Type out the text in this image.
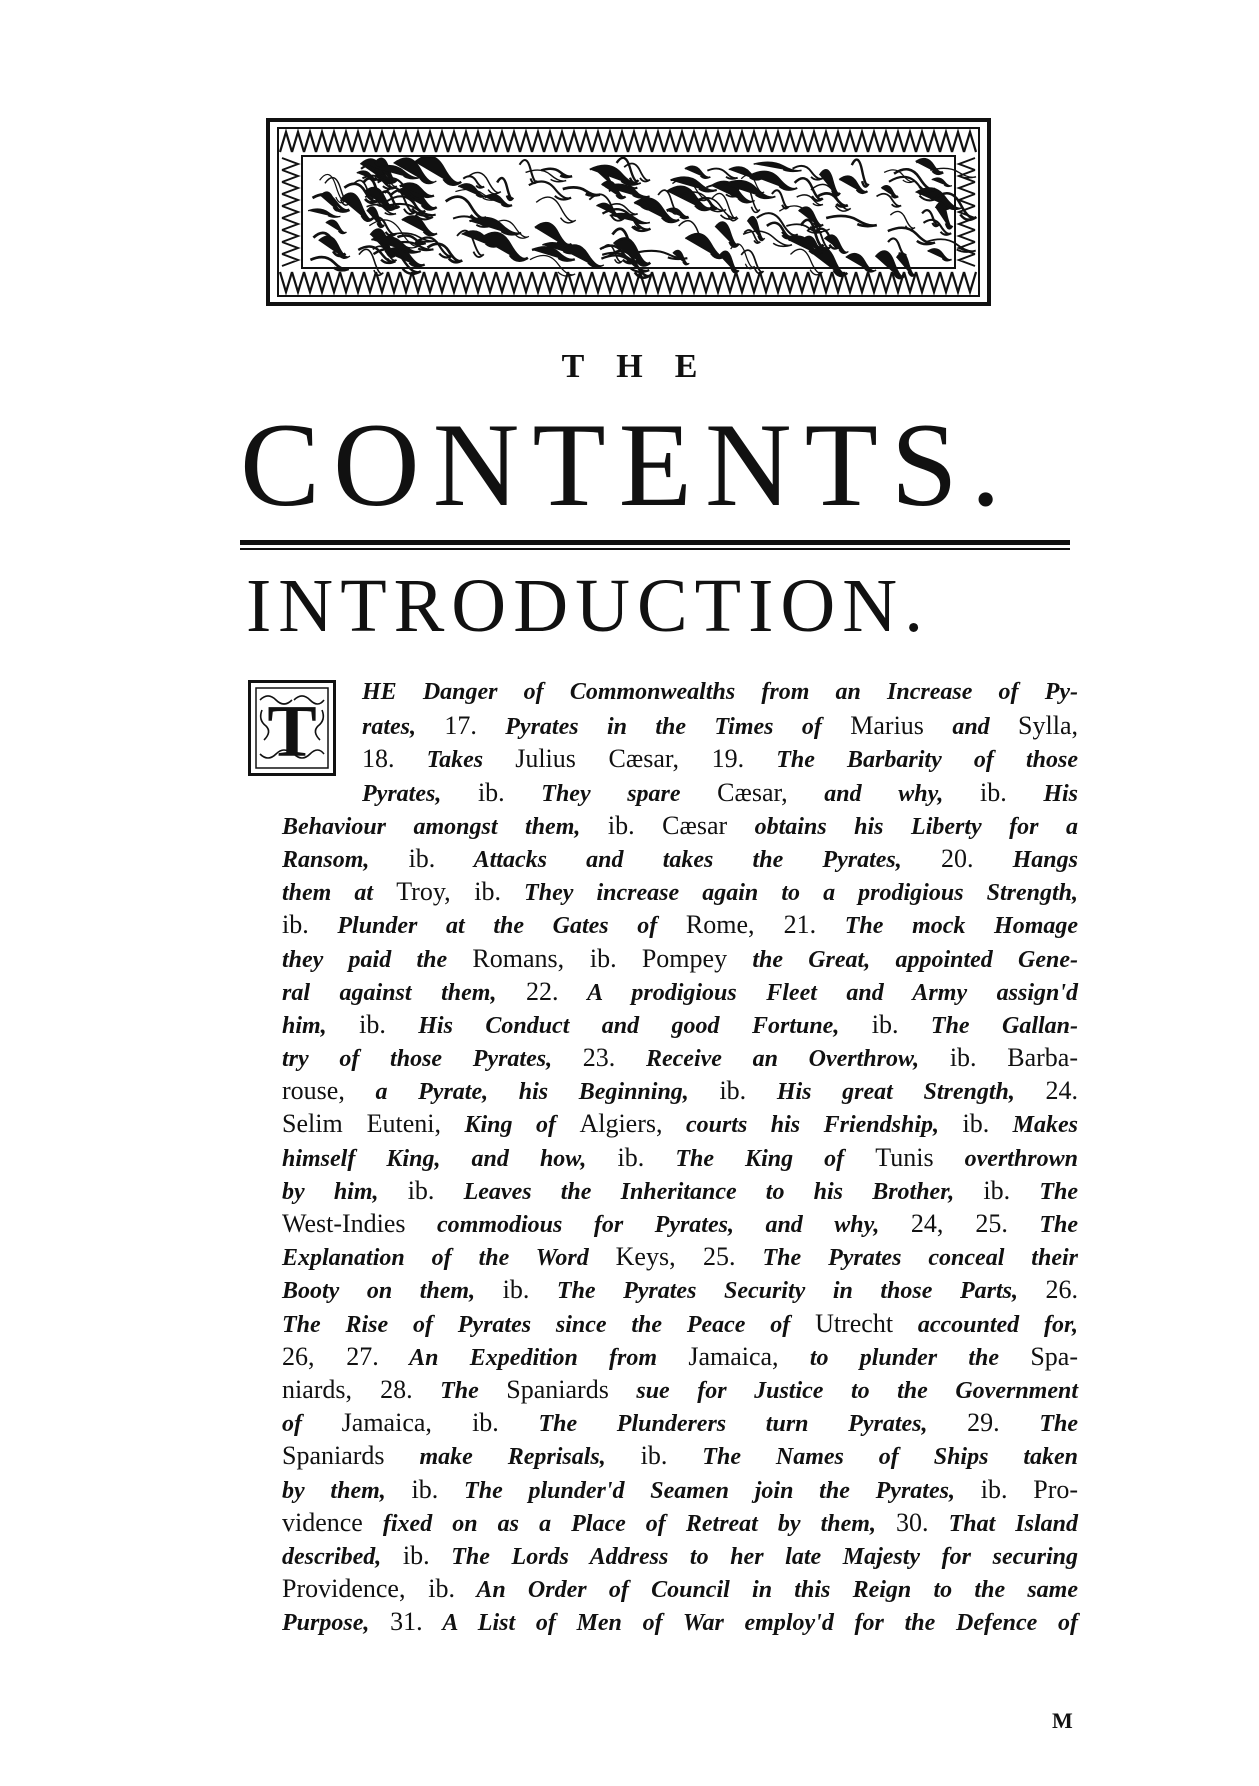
THE
CONTENTS.
INTRODUCTION.
T	HE Danger of Commonwealths from an Increase of Py-
rates, 17. Pyrates in the Times of Marius and Sylla,
18. Takes Julius Cæsar, 19. The Barbarity of those
Pyrates, ib. They spare Cæsar, and why, ib. His
Behaviour amongst them, ib. Cæsar obtains his Liberty for a
Ransom, ib. Attacks and takes the Pyrates, 20. Hangs
them at Troy, ib. They increase again to a prodigious Strength,
ib. Plunder at the Gates of Rome, 21. The mock Homage
they paid the Romans, ib. Pompey the Great, appointed Gene-
ral against them, 22. A prodigious Fleet and Army assign'd
him, ib. His Conduct and good Fortune, ib. The Gallan-
try of those Pyrates, 23. Receive an Overthrow, ib. Barba-
rouse, a Pyrate, his Beginning, ib. His great Strength, 24.
Selim Euteni, King of Algiers, courts his Friendship, ib. Makes
himself King, and how, ib. The King of Tunis overthrown
by him, ib. Leaves the Inheritance to his Brother, ib. The
West-Indies commodious for Pyrates, and why, 24, 25. The
Explanation of the Word Keys, 25. The Pyrates conceal their
Booty on them, ib. The Pyrates Security in those Parts, 26.
The Rise of Pyrates since the Peace of Utrecht accounted for,
26, 27. An Expedition from Jamaica, to plunder the Spa-
niards, 28. The Spaniards sue for Justice to the Government
of Jamaica, ib. The Plunderers turn Pyrates, 29. The
Spaniards make Reprisals, ib. The Names of Ships taken
by them, ib. The plunder'd Seamen join the Pyrates, ib. Pro-
vidence fixed on as a Place of Retreat by them, 30. That Island
described, ib. The Lords Address to her late Majesty for securing
Providence, ib. An Order of Council in this Reign to the same
Purpose, 31. A List of Men of War employ'd for the Defence of
M
